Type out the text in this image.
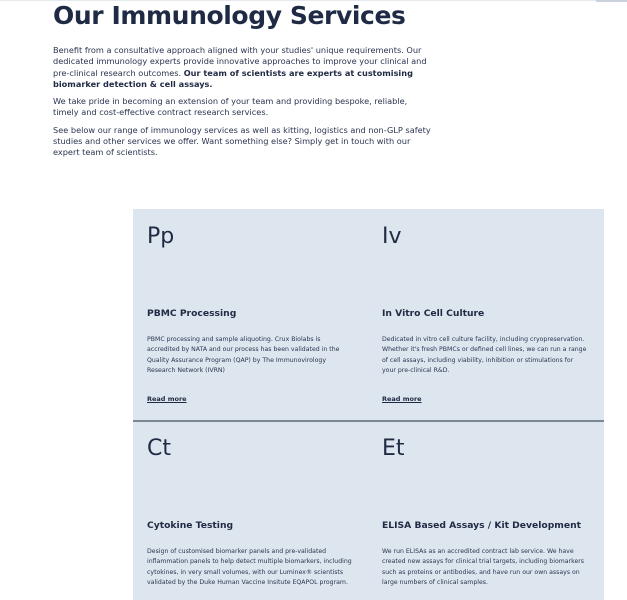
Our Immunology Services

Benefit from a consultative approach aligned with your studies' unique requirements. Our dedicated immunology experts provide innovative approaches to improve your clinical and pre-clinical research outcomes. Our team of scientists are experts at customising biomarker detection & cell assays.

We take pride in becoming an extension of your team and providing bespoke, reliable, timely and cost-effective contract research services.

See below our range of immunology services as well as kitting, logistics and non-GLP safety studies and other services we offer. Want something else? Simply get in touch with our expert team of scientists.

Pp
PBMC Processing
PBMC processing and sample aliquoting. Crux Biolabs is accredited by NATA and our process has been validated in the Quality Assurance Program (QAP) by The Immunovirology Research Network (IVRN)
Read more
Iv
In Vitro Cell Culture
Dedicated in vitro cell culture facility, including cryopreservation. Whether it's fresh PBMCs or defined cell lines, we can run a range of cell assays, including viability, inhibition or stimulations for your pre-clinical R&D.
Read more
Ct
Cytokine Testing
Design of customised biomarker panels and pre-validated inflammation panels to help detect multiple biomarkers, including cytokines, in very small volumes, with our Luminex® scientists validated by the Duke Human Vaccine Insitute EQAPOL program.
Et
ELISA Based Assays / Kit Development
We run ELISAs as an accredited contract lab service. We have created new assays for clinical trial targets, including biomarkers such as proteins or antibodies, and have run our own assays on large numbers of clinical samples.
